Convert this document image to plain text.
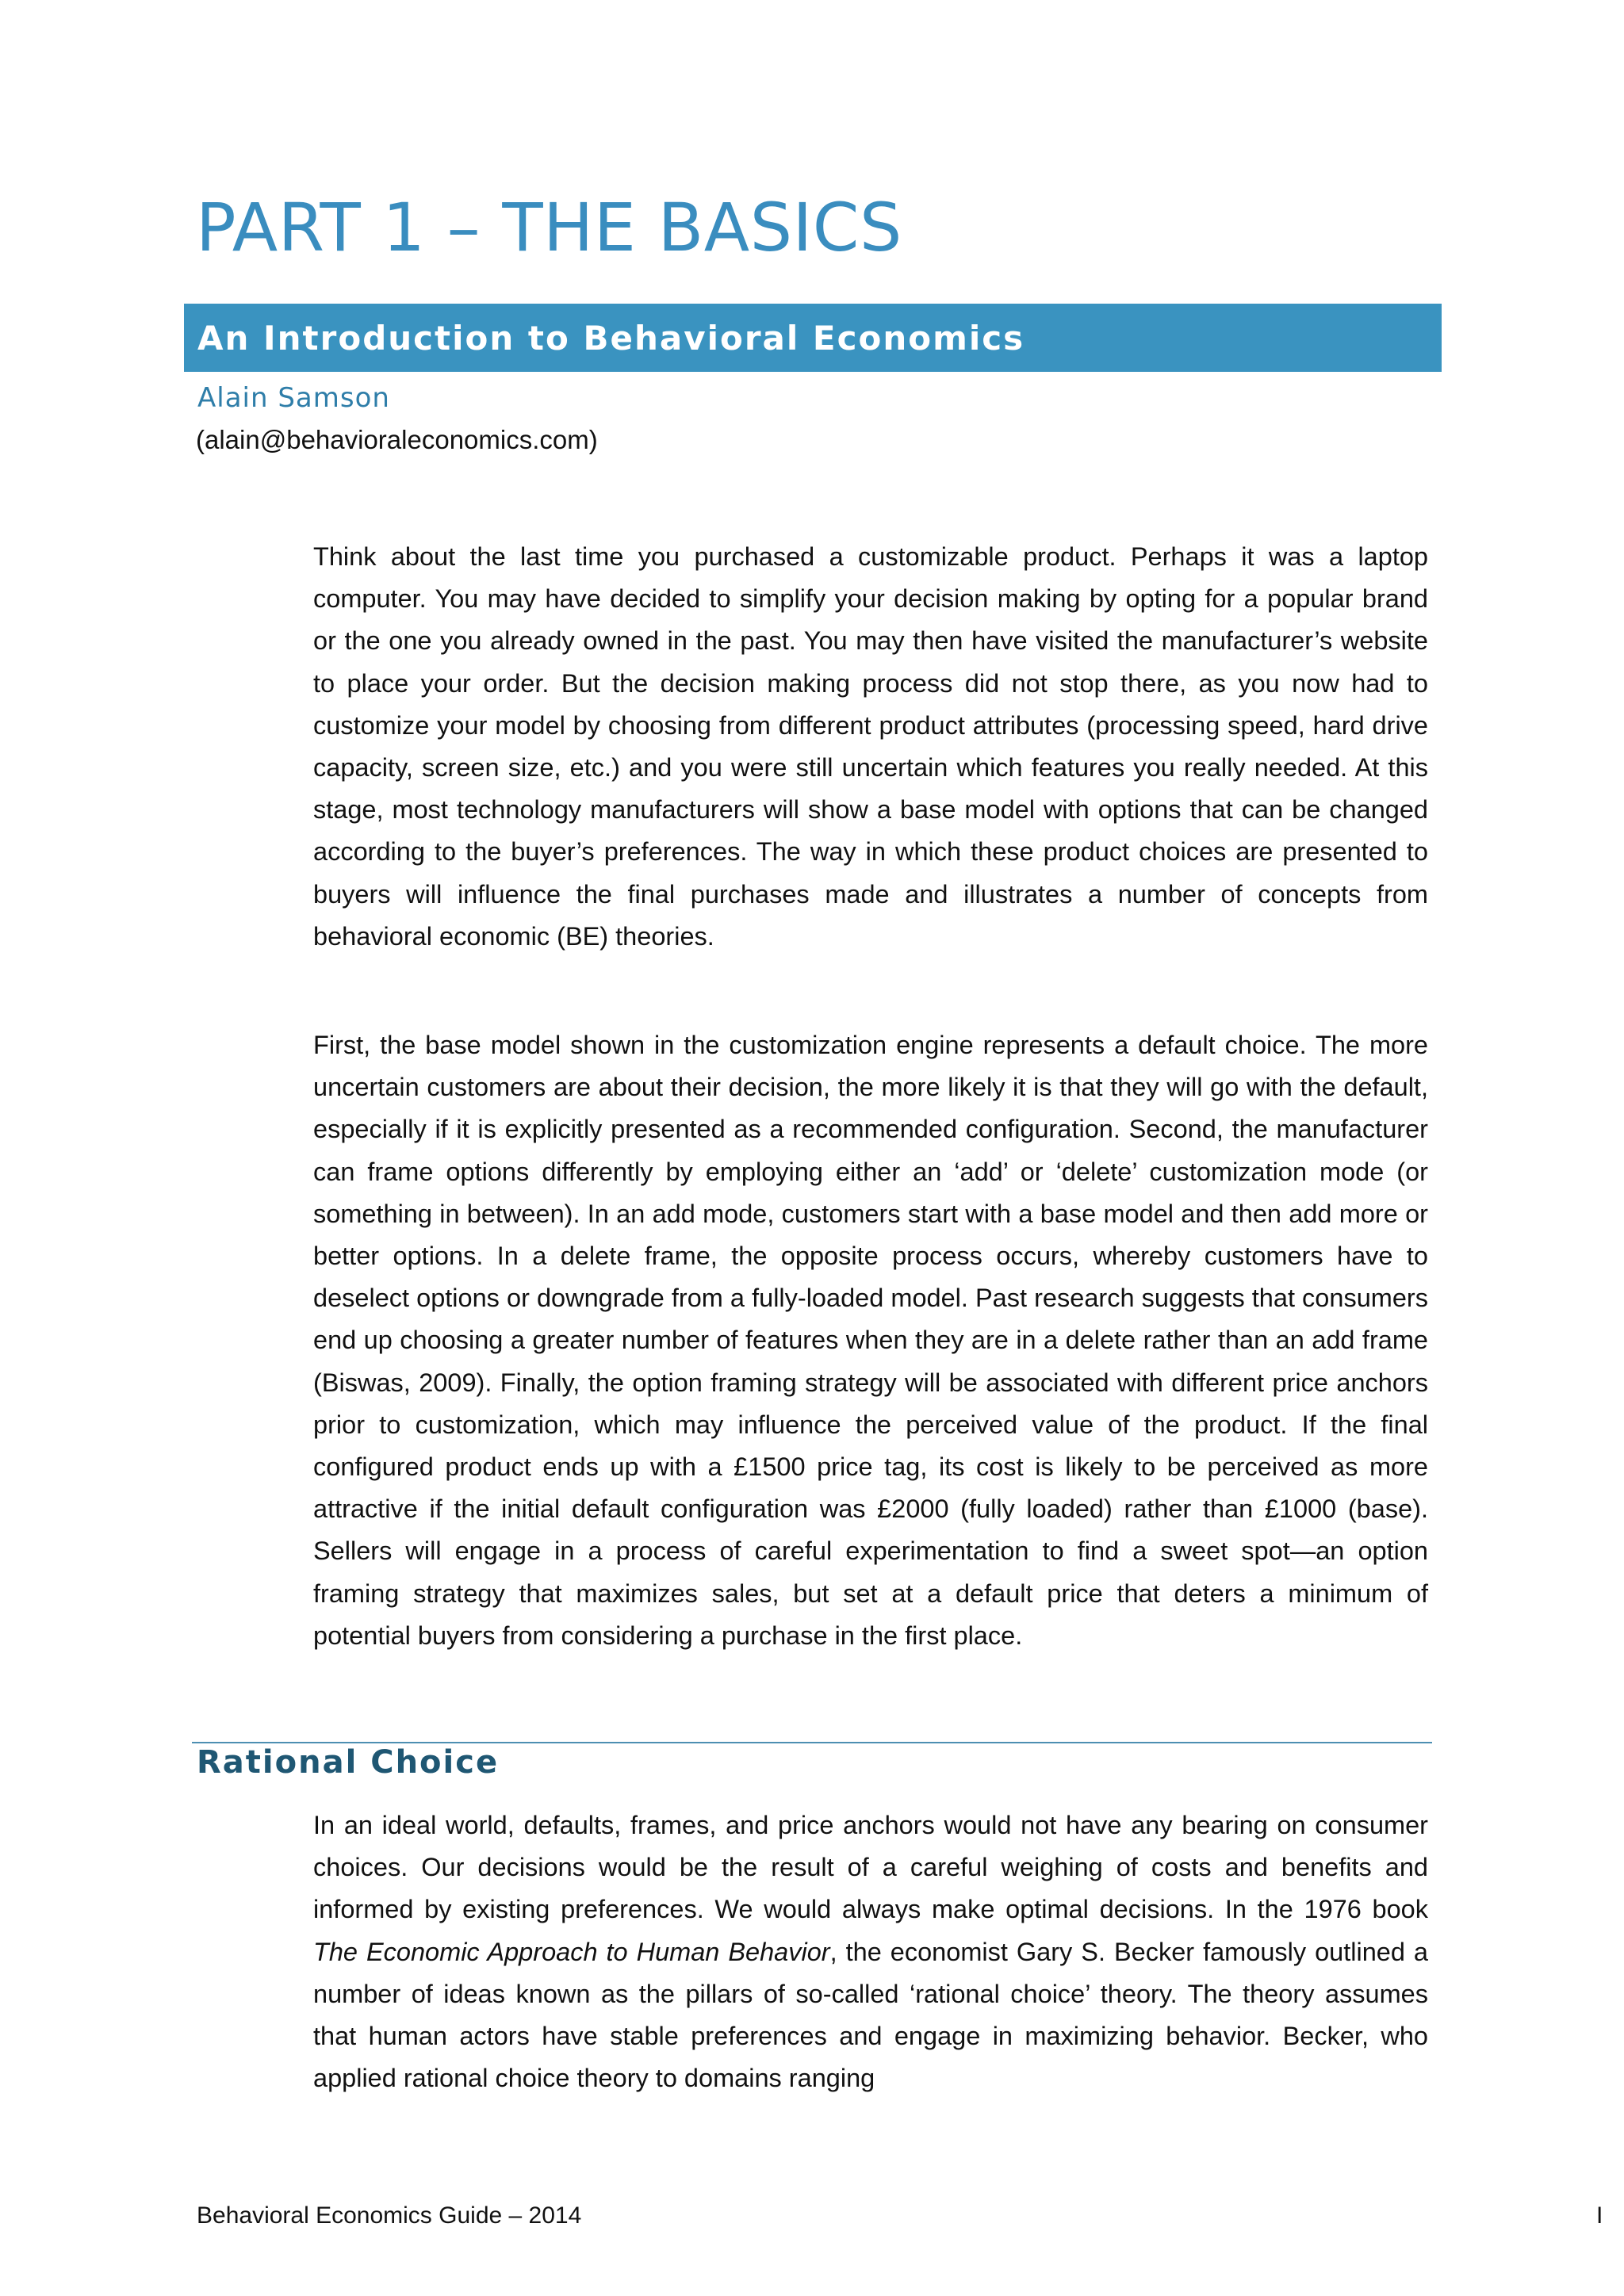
PART 1 – THE BASICS
An Introduction to Behavioral Economics
Alain Samson
(alain@behavioraleconomics.com)

Think about the last time you purchased a customizable product. Perhaps it was a laptop computer. You may have decided to simplify your decision making by opting for a popular brand or the one you already owned in the past. You may then have visited the manufacturer’s website to place your order. But the decision making process did not stop there, as you now had to customize your model by choosing from different product attributes (processing speed, hard drive capacity, screen size, etc.) and you were still uncertain which features you really needed. At this stage, most technology manufacturers will show a base model with options that can be changed according to the buyer’s preferences. The way in which these product choices are presented to buyers will influence the final purchases made and illustrates a number of concepts from behavioral economic (BE) theories.

First, the base model shown in the customization engine represents a default choice. The more uncertain customers are about their decision, the more likely it is that they will go with the default, especially if it is explicitly presented as a recommended configuration. Second, the manufacturer can frame options differently by employing either an ‘add’ or ‘delete’ customization mode (or something in between). In an add mode, customers start with a base model and then add more or better options. In a delete frame, the opposite process occurs, whereby customers have to deselect options or downgrade from a fully-loaded model. Past research suggests that consumers end up choosing a greater number of features when they are in a delete rather than an add frame (Biswas, 2009). Finally, the option framing strategy will be associated with different price anchors prior to customization, which may influence the perceived value of the product. If the final configured product ends up with a £1500 price tag, its cost is likely to be perceived as more attractive if the initial default configuration was £2000 (fully loaded) rather than £1000 (base). Sellers will engage in a process of careful experimentation to find a sweet spot—an option framing strategy that maximizes sales, but set at a default price that deters a minimum of potential buyers from considering a purchase in the first place.

Rational Choice

In an ideal world, defaults, frames, and price anchors would not have any bearing on consumer choices. Our decisions would be the result of a careful weighing of costs and benefits and informed by existing preferences. We would always make optimal decisions. In the 1976 book The Economic Approach to Human Behavior, the economist Gary S. Becker famously outlined a number of ideas known as the pillars of so-called ‘rational choice’ theory. The theory assumes that human actors have stable preferences and engage in maximizing behavior. Becker, who applied rational choice theory to domains ranging

Behavioral Economics Guide – 2014	I
